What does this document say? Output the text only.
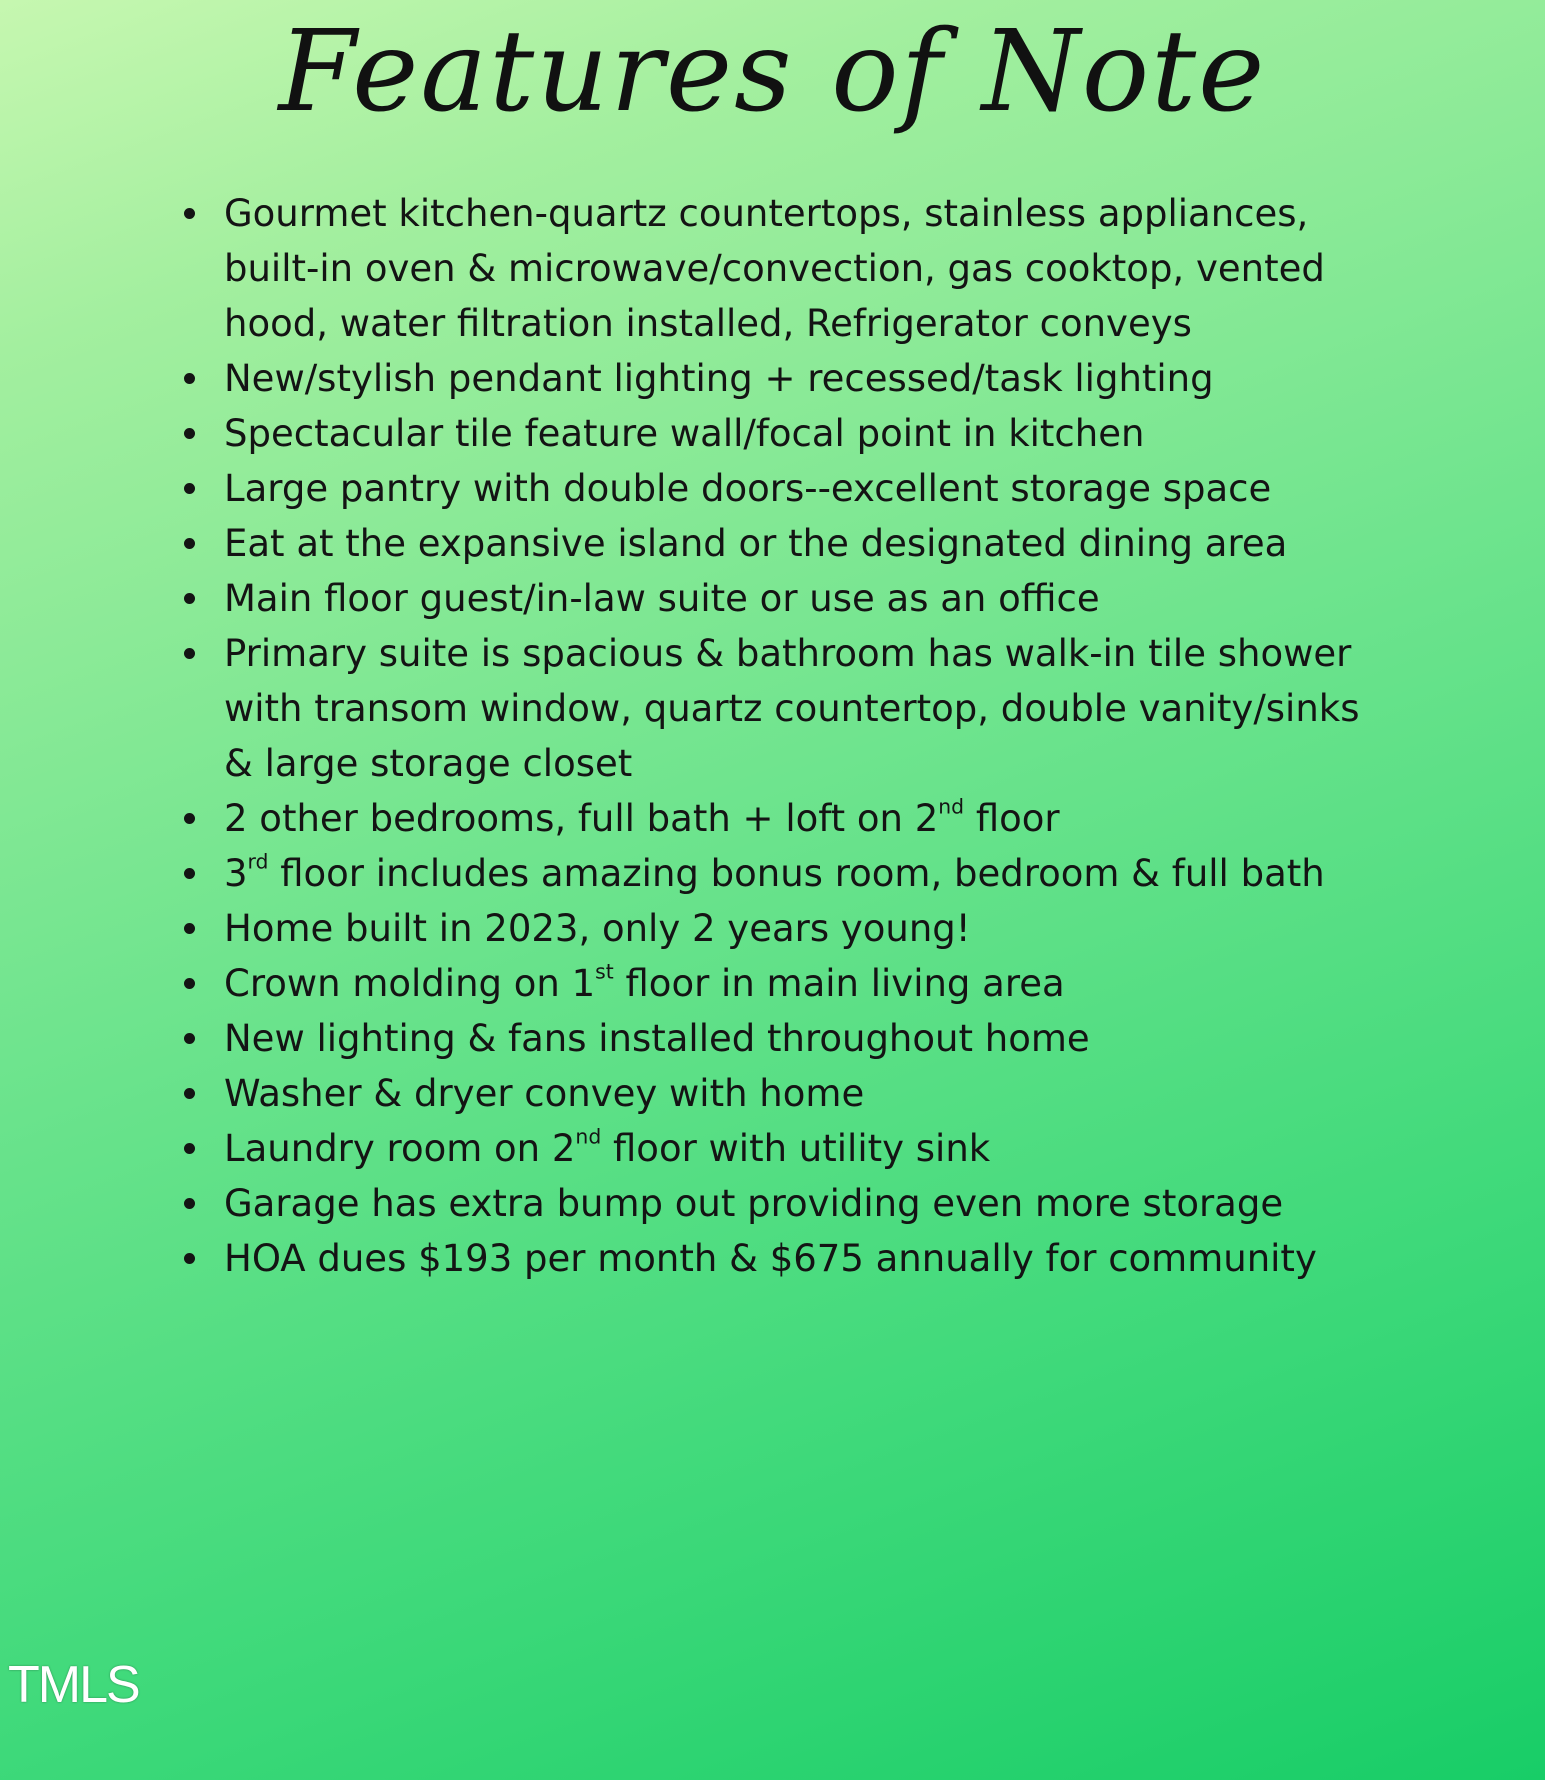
Features of Note
Gourmet kitchen-quartz countertops, stainless appliances, built-in oven & microwave/convection, gas cooktop, vented hood, water filtration installed, Refrigerator conveys
New/stylish pendant lighting + recessed/task lighting
Spectacular tile feature wall/focal point in kitchen
Large pantry with double doors--excellent storage space
Eat at the expansive island or the designated dining area
Main floor guest/in-law suite or use as an office
Primary suite is spacious & bathroom has walk-in tile shower with transom window, quartz countertop, double vanity/sinks & large storage closet
2 other bedrooms, full bath + loft on 2nd floor
3rd floor includes amazing bonus room, bedroom & full bath
Home built in 2023, only 2 years young!
Crown molding on 1st floor in main living area
New lighting & fans installed throughout home
Washer & dryer convey with home
Laundry room on 2nd floor with utility sink
Garage has extra bump out providing even more storage
HOA dues $193 per month & $675 annually for community
TMLS
